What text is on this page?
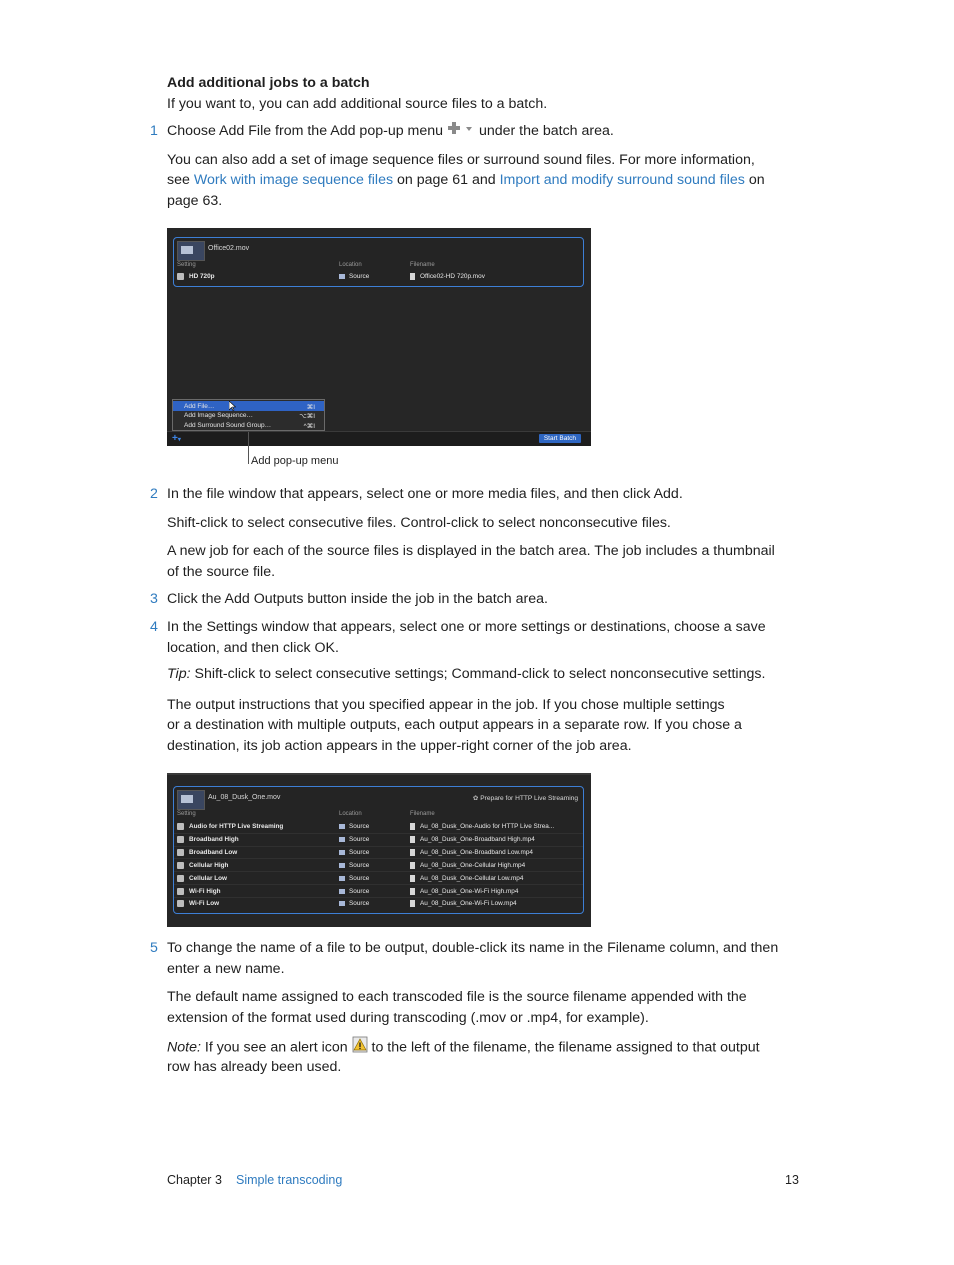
Add additional jobs to a batch
If you want to, you can add additional source files to a batch.
1 Choose Add File from the Add pop-up menu	under the batch area.
You can also add a set of image sequence files or surround sound files. For more information,
see Work with image sequence files on page 61 and Import and modify surround sound files on
page 63.
Office02.mov
Setting	Location	Filename
HD 720p	Source	Office02-HD 720p.mov
Add File…	⌘I
Add Image Sequence…	⌥⌘I
Add Surround Sound Group…	^⌘I
+▾	Start Batch
Add pop-up menu
2 In the file window that appears, select one or more media files, and then click Add.
Shift-click to select consecutive files. Control-click to select nonconsecutive files.
A new job for each of the source files is displayed in the batch area. The job includes a thumbnail
of the source file.
3 Click the Add Outputs button inside the job in the batch area.
4 In the Settings window that appears, select one or more settings or destinations, choose a save location, and then click OK.
Tip: Shift-click to select consecutive settings; Command-click to select nonconsecutive settings.
The output instructions that you specified appear in the job. If you chose multiple settings
or a destination with multiple outputs, each output appears in a separate row. If you chose a
destination, its job action appears in the upper-right corner of the job area.
Au_08_Dusk_One.mov	✿ Prepare for HTTP Live Streaming
Setting	Location	Filename
Audio for HTTP Live Streaming	Source	Au_08_Dusk_One-Audio for HTTP Live Strea...
Broadband High	Source	Au_08_Dusk_One-Broadband High.mp4
Broadband Low	Source	Au_08_Dusk_One-Broadband Low.mp4
Cellular High	Source	Au_08_Dusk_One-Cellular High.mp4
Cellular Low	Source	Au_08_Dusk_One-Cellular Low.mp4
Wi-Fi High	Source	Au_08_Dusk_One-Wi-Fi High.mp4
Wi-Fi Low	Source	Au_08_Dusk_One-Wi-Fi Low.mp4
5 To change the name of a file to be output, double-click its name in the Filename column, and then enter a new name.
The default name assigned to each transcoded file is the source filename appended with the
extension of the format used during transcoding (.mov or .mp4, for example).
Note: If you see an alert icon to the left of the filename, the filename assigned to that output
row has already been used.
Chapter 3 Simple transcoding	13
